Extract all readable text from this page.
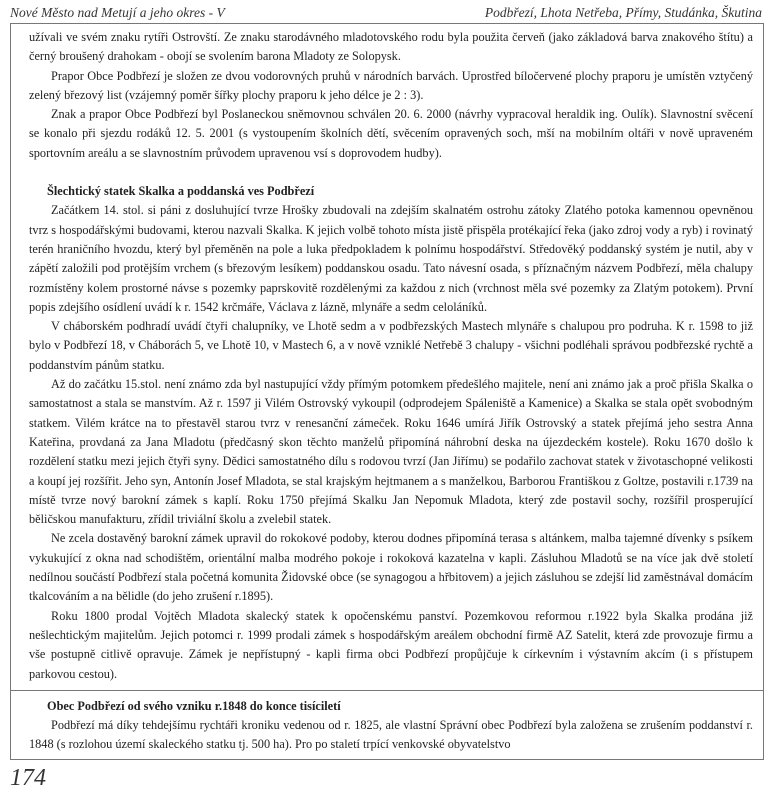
Nové Město nad Metují a jeho okres - V	Podbřezí, Lhota Netřeba, Přímy, Studánka, Škutina

užívali ve svém znaku rytíři Ostrovští. Ze znaku starodávného mladotovského rodu byla použita červeň (jako základová barva znakového štítu) a černý broušený drahokam - obojí se svolením barona Mladoty ze Solopysk.

Prapor Obce Podbřezí je složen ze dvou vodorovných pruhů v národních barvách. Uprostřed bíločervené plochy praporu je umístěn vztyčený zelený březový list (vzájemný poměr šířky plochy praporu k jeho délce je 2 : 3).

Znak a prapor Obce Podbřezí byl Poslaneckou sněmovnou schválen 20. 6. 2000 (návrhy vypracoval heraldik ing. Oulík). Slavnostní svěcení se konalo při sjezdu rodáků 12. 5. 2001 (s vystoupením školních dětí, svěcením opravených soch, mší na mobilním oltáři v nově upraveném sportovním areálu a se slavnostním průvodem upravenou vsí s doprovodem hudby).

Šlechtický statek Skalka a poddanská ves Podbřezí

Začátkem 14. stol. si páni z dosluhující tvrze Hrošky zbudovali na zdejším skalnatém ostrohu zátoky Zlatého potoka kamennou opevněnou tvrz s hospodářskými budovami, kterou nazvali Skalka. K jejich volbě tohoto místa jistě přispěla protékající řeka (jako zdroj vody a ryb) i rovinatý terén hraničního hvozdu, který byl přeměněn na pole a luka předpokladem k polnímu hospodářství. Středověký poddanský systém je nutil, aby v zápětí založili pod protějším vrchem (s březovým lesíkem) poddanskou osadu. Tato návesní osada, s příznačným názvem Podbřezí, měla chalupy rozmístěny kolem prostorné návse s pozemky paprskovitě rozdělenými za každou z nich (vrchnost měla své pozemky za Zlatým potokem). První popis zdejšího osídlení uvádí k r. 1542 krčmáře, Václava z lázně, mlynáře a sedm celoláníků.

V cháborském podhradí uvádí čtyři chalupníky, ve Lhotě sedm a v podbřezských Mastech mlynáře s chalupou pro podruha. K r. 1598 to již bylo v Podbřezí 18, v Cháborách 5, ve Lhotě 10, v Mastech 6, a v nově vzniklé Netřebě 3 chalupy - všichni podléhali správou podbřezské rychtě a poddanstvím pánům statku.

Až do začátku 15.stol. není známo zda byl nastupující vždy přímým potomkem předešlého majitele, není ani známo jak a proč přišla Skalka o samostatnost a stala se manstvím. Až r. 1597 ji Vilém Ostrovský vykoupil (odprodejem Spáleniště a Kamenice) a Skalka se stala opět svobodným statkem. Vilém krátce na to přestavěl starou tvrz v renesanční zámeček. Roku 1646 umírá Jiřík Ostrovský a statek přejímá jeho sestra Anna Kateřina, provdaná za Jana Mladotu (předčasný skon těchto manželů připomíná náhrobní deska na újezdeckém kostele). Roku 1670 došlo k rozdělení statku mezi jejich čtyři syny. Dědici samostatného dílu s rodovou tvrzí (Jan Jiřímu) se podařilo zachovat statek v životaschopné velikosti a koupí jej rozšířit. Jeho syn, Antonín Josef Mladota, se stal krajským hejtmanem a s manželkou, Barborou Františkou z Goltze, postavili r.1739 na místě tvrze nový barokní zámek s kaplí. Roku 1750 přejímá Skalku Jan Nepomuk Mladota, který zde postavil sochy, rozšířil prosperující běličskou manufakturu, zřídil triviální školu a zvelebil statek.

Ne zcela dostavěný barokní zámek upravil do rokokové podoby, kterou dodnes připomíná terasa s altánkem, malba tajemné dívenky s psíkem vykukující z okna nad schodištěm, orientální malba modrého pokoje i rokoková kazatelna v kapli. Zásluhou Mladotů se na více jak dvě století nedílnou součástí Podbřezí stala početná komunita Židovské obce (se synagogou a hřbitovem) a jejich zásluhou se zdejší lid zaměstnával domácím tkalcováním a na bělidle (do jeho zrušení r.1895).

Roku 1800 prodal Vojtěch Mladota skalecký statek k opočenskému panství. Pozemkovou reformou r.1922 byla Skalka prodána již nešlechtickým majitelům. Jejich potomci r. 1999 prodali zámek s hospodářským areálem obchodní firmě AZ Satelit, která zde provozuje firmu a vše postupně citlivě opravuje. Zámek je nepřístupný - kapli firma obci Podbřezí propůjčuje k církevním i výstavním akcím (i s přístupem parkovou cestou).

Obec Podbřezí od svého vzniku r.1848 do konce tisíciletí

Podbřezí má díky tehdejšímu rychtáři kroniku vedenou od r. 1825, ale vlastní Správní obec Podbřezí byla založena se zrušením poddanství r. 1848 (s rozlohou území skaleckého statku tj. 500 ha). Pro po staletí trpící venkovské obyvatelstvo

174
